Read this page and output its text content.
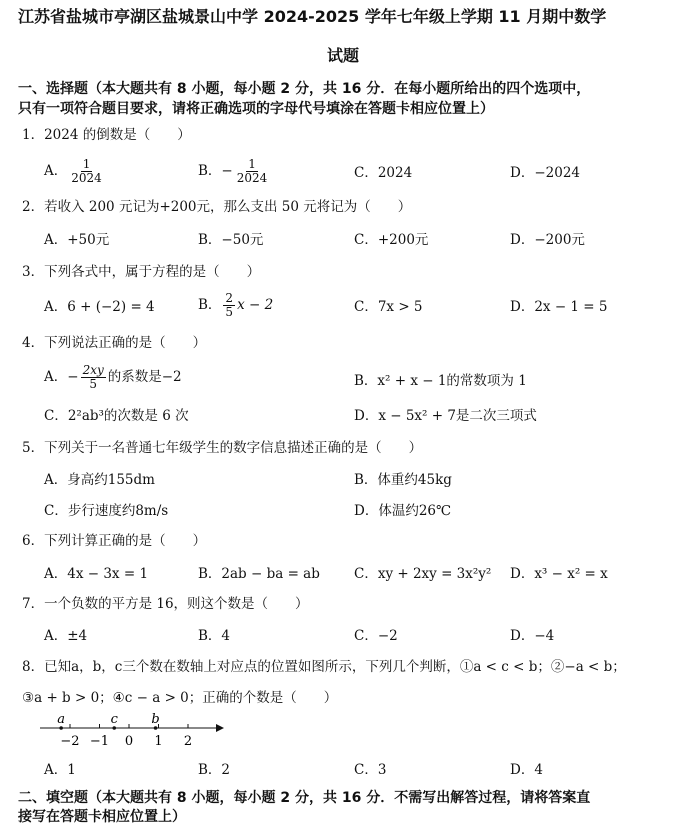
江苏省盐城市亭湖区盐城景山中学 2024-2025 学年七年级上学期 11 月期中数学
试题
一、选择题（本大题共有 8 小题，每小题 2 分，共 16 分．在每小题所给出的四个选项中，
只有一项符合题目要求，请将正确选项的字母代号填涂在答题卡相应位置上）
1．2024 的倒数是（　　）
A． $\frac{1}{2024}$	B．− $\frac{1}{2024}$	C．2024	D．−2024
2．若收入 200 元记为+200元，那么支出 50 元将记为（　　）
A．+50元	B．−50元	C．+200元	D．−200元
3．下列各式中，属于方程的是（　　）
A．6 + (−2) = 4	B． $\frac{2}{5}$ x − 2	C．7x > 5	D．2x − 1 = 5
4．下列说法正确的是（　　）
A．− $\frac{2xy}{5}$ 的系数是−2	B．x² + x − 1的常数项为 1
C．2²ab³的次数是 6 次	D．x − 5x² + 7是二次三项式
5．下列关于一名普通七年级学生的数字信息描述正确的是（　　）
A．身高约155dm	B．体重约45kg
C．步行速度约8m/s	D．体温约26℃
6．下列计算正确的是（　　）
A．4x − 3x = 1	B．2ab − ba = ab	C．xy + 2xy = 3x²y² D．x³ − x² = x
7．一个负数的平方是 16，则这个数是（　　）
A．±4	B．4	C．−2	D．−4
8．已知a，b，c三个数在数轴上对应点的位置如图所示，下列几个判断，①a < c < b；②−a < b；
③a + b > 0；④c − a > 0；正确的个数是（　　）
−2 −1 0 1 2
a	c	b
A．1	B．2	C．3	D．4
二、填空题（本大题共有 8 小题，每小题 2 分，共 16 分．不需写出解答过程，请将答案直
接写在答题卡相应位置上）
